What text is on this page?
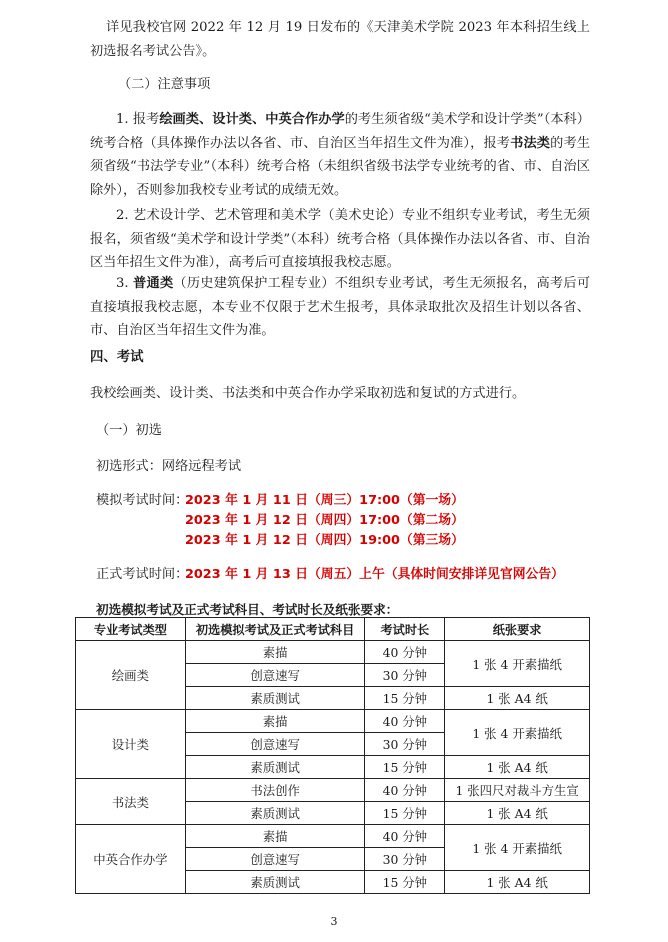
详见我校官网 2022 年 12 月 19 日发布的《天津美术学院 2023 年本科招生线上初选报名考试公告》。

（二）注意事项

1. 报考绘画类、设计类、中英合作办学的考生须省级“美术学和设计学类”（本科）统考合格（具体操作办法以各省、市、自治区当年招生文件为准），报考书法类的考生须省级“书法学专业”（本科）统考合格（未组织省级书法学专业统考的省、市、自治区除外），否则参加我校专业考试的成绩无效。

2. 艺术设计学、艺术管理和美术学（美术史论）专业不组织专业考试，考生无须报名，须省级“美术学和设计学类”（本科）统考合格（具体操作办法以各省、市、自治区当年招生文件为准），高考后可直接填报我校志愿。

3. 普通类（历史建筑保护工程专业）不组织专业考试，考生无须报名，高考后可直接填报我校志愿，本专业不仅限于艺术生报考，具体录取批次及招生计划以各省、市、自治区当年招生文件为准。

四、考试

我校绘画类、设计类、书法类和中英合作办学采取初选和复试的方式进行。

（一）初选

初选形式：网络远程考试

模拟考试时间：

2023 年 1 月 11 日（周三）17:00（第一场）

2023 年 1 月 12 日（周四）17:00（第二场）

2023 年 1 月 12 日（周四）19:00（第三场）

正式考试时间：

2023 年 1 月 13 日（周五）上午（具体时间安排详见官网公告）

初选模拟考试及正式考试科目、考试时长及纸张要求：

专业考试类型	初选模拟考试及正式考试科目	考试时长	纸张要求
绘画类	素描	40 分钟	1 张 4 开素描纸
	创意速写	30 分钟	
	素质测试	15 分钟	1 张 A4 纸
设计类	素描	40 分钟	1 张 4 开素描纸
	创意速写	30 分钟	
	素质测试	15 分钟	1 张 A4 纸
书法类	书法创作	40 分钟	1 张四尺对裁斗方生宣
	素质测试	15 分钟	1 张 A4 纸
中英合作办学	素描	40 分钟	1 张 4 开素描纸
	创意速写	30 分钟	
	素质测试	15 分钟	1 张 A4 纸

3
